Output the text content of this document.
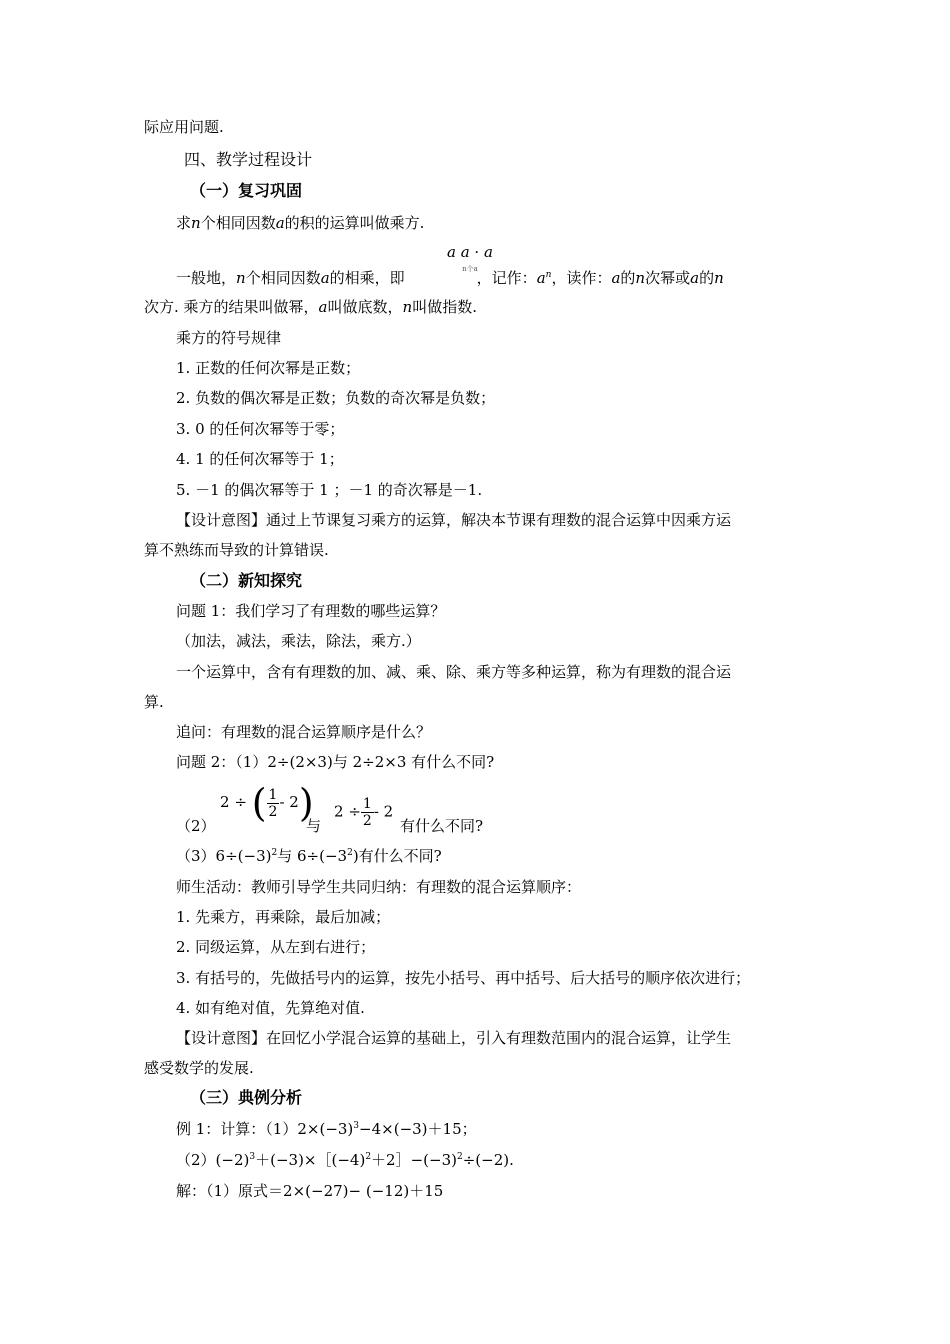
际应用问题.
四、教学过程设计
（一）复习巩固
求n个相同因数a的积的运算叫做乘方.
a a · a
n个a
一般地，n个相同因数a的相乘，即	，记作：$a^n$，读作：a的n次幂或a的n
次方. 乘方的结果叫做幂，a叫做底数，n叫做指数.
乘方的符号规律
1. 正数的任何次幂是正数；
2. 负数的偶次幂是正数；负数的奇次幂是负数；
3. 0 的任何次幂等于零；
4. 1 的任何次幂等于 1；
5. －1 的偶次幂等于 1 ；－1 的奇次幂是－1.
【设计意图】通过上节课复习乘方的运算，解决本节课有理数的混合运算中因乘方运
算不熟练而导致的计算错误.
（二）新知探究
问题 1：我们学习了有理数的哪些运算？
（加法，减法，乘法，除法，乘方.）
一个运算中，含有有理数的加、减、乘、除、乘方等多种运算，称为有理数的混合运
算.
追问：有理数的混合运算顺序是什么？
问题 2：（1）2÷(2×3)与 2÷2×3 有什么不同?
（2）
2 ÷ ( $\frac{1}{2} - 2$)
与
$2 \div \frac{1}{2} - 2$
有什么不同?
$(3)6\div(-3)^2$与 $6\div(-3^2)$有什么不同?
师生活动：教师引导学生共同归纳：有理数的混合运算顺序：
1. 先乘方，再乘除，最后加减；
2. 同级运算，从左到右进行；
3. 有括号的，先做括号内的运算，按先小括号、再中括号、后大括号的顺序依次进行；
4. 如有绝对值，先算绝对值.
【设计意图】在回忆小学混合运算的基础上，引入有理数范围内的混合运算，让学生
感受数学的发展.
（三）典例分析
例 1：计算：$(1)2\times(-3)^3-4\times(-3)+15$；
$(2)(-2)^3+(-3)\times[(-4)^2+2]-(-3)^2\div(-2)$.
解：（1）原式＝2×(−27)− (−12)＋15
